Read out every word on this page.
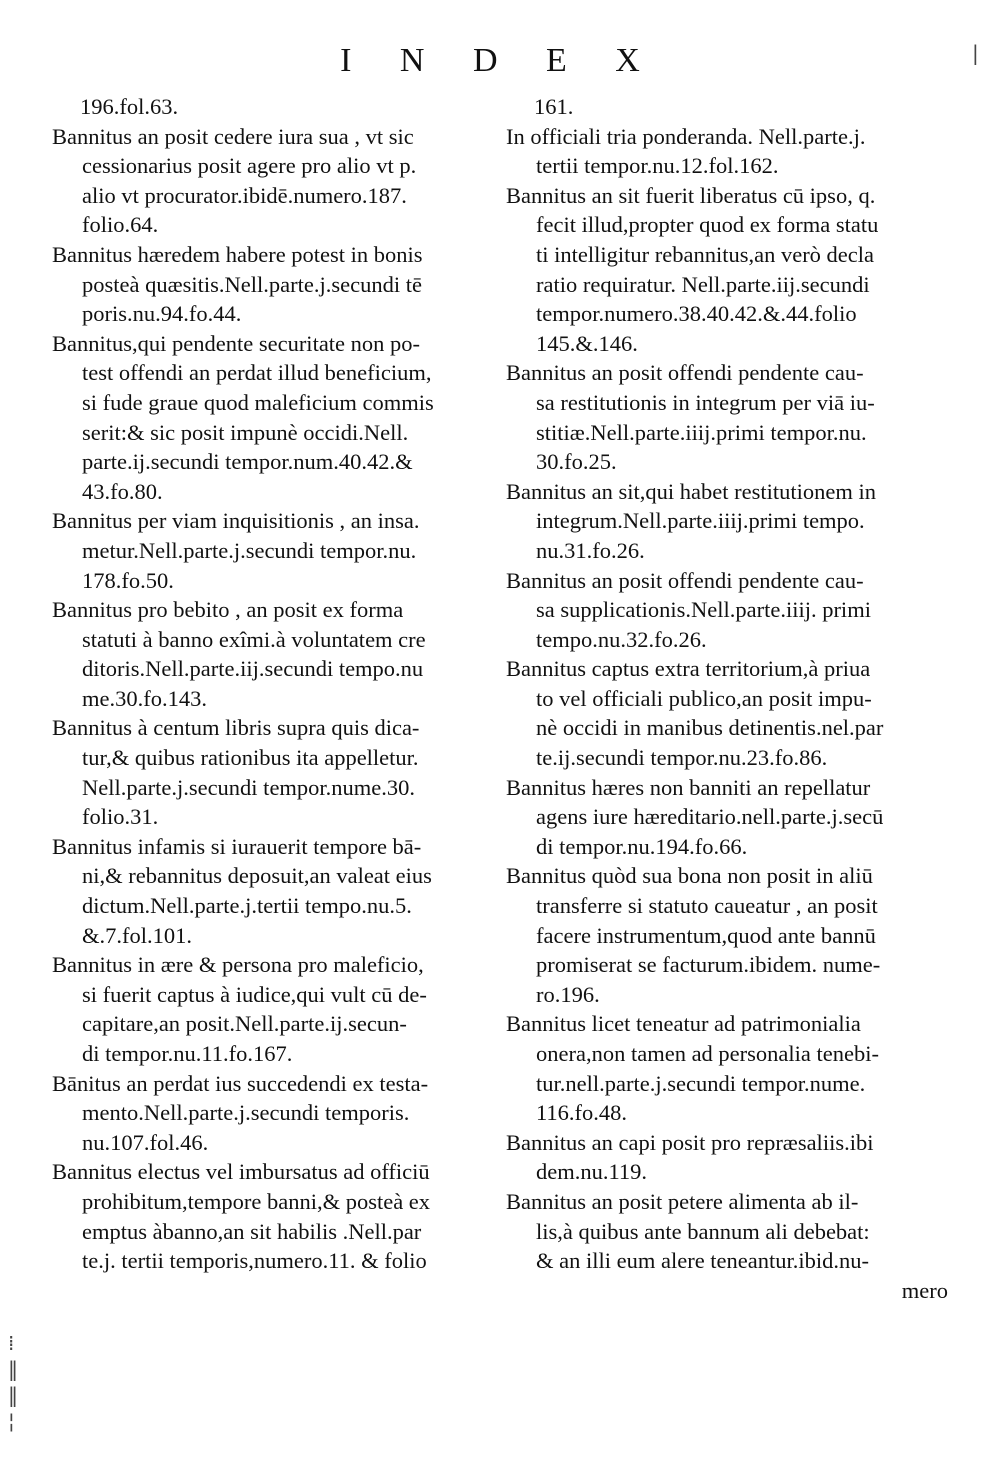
I N D E X
196.fol.63.
Bannitus an posit cedere iura sua , vt sic
cessionarius posit agere pro alio vt p.
alio vt procurator.ibidē.numero.187.
folio.64.
Bannitus hæredem habere potest in bonis
posteà quæsitis.Nell.parte.j.secundi tē
poris.nu.94.fo.44.
Bannitus,qui pendente securitate non po-
test offendi an perdat illud beneficium,
si fude graue quod maleficium commis
serit:& sic posit impunè occidi.Nell.
parte.ij.secundi tempor.num.40.42.&
43.fo.80.
Bannitus per viam inquisitionis , an insa.
metur.Nell.parte.j.secundi tempor.nu.
178.fo.50.
Bannitus pro bebito , an posit ex forma
statuti à banno exîmi.à voluntatem cre
ditoris.Nell.parte.iij.secundi tempo.nu
me.30.fo.143.
Bannitus à centum libris supra quis dica-
tur,& quibus rationibus ita appelletur.
Nell.parte.j.secundi tempor.nume.30.
folio.31.
Bannitus infamis si iurauerit tempore bā-
ni,& rebannitus deposuit,an valeat eius
dictum.Nell.parte.j.tertii tempo.nu.5.
&.7.fol.101.
Bannitus in ære & persona pro maleficio,
si fuerit captus à iudice,qui vult cū de-
capitare,an posit.Nell.parte.ij.secun-
di tempor.nu.11.fo.167.
Bānitus an perdat ius succedendi ex testa-
mento.Nell.parte.j.secundi temporis.
nu.107.fol.46.
Bannitus electus vel imbursatus ad officiū
prohibitum,tempore banni,& posteà ex
emptus àbanno,an sit habilis .Nell.par
te.j. tertii temporis,numero.11. & folio
161.
In officiali tria ponderanda. Nell.parte.j.
tertii tempor.nu.12.fol.162.
Bannitus an sit fuerit liberatus cū ipso, q.
fecit illud,propter quod ex forma statu
ti intelligitur rebannitus,an verò decla
ratio requiratur. Nell.parte.iij.secundi
tempor.numero.38.40.42.&.44.folio
145.&.146.
Bannitus an posit offendi pendente cau-
sa restitutionis in integrum per viā iu-
stitiæ.Nell.parte.iiij.primi tempor.nu.
30.fo.25.
Bannitus an sit,qui habet restitutionem in
integrum.Nell.parte.iiij.primi tempo.
nu.31.fo.26.
Bannitus an posit offendi pendente cau-
sa supplicationis.Nell.parte.iiij. primi
tempo.nu.32.fo.26.
Bannitus captus extra territorium,à priua
to vel officiali publico,an posit impu-
nè occidi in manibus detinentis.nel.par
te.ij.secundi tempor.nu.23.fo.86.
Bannitus hæres non banniti an repellatur
agens iure hæreditario.nell.parte.j.secū
di tempor.nu.194.fo.66.
Bannitus quòd sua bona non posit in aliū
transferre si statuto caueatur , an posit
facere instrumentum,quod ante bannū
promiserat se facturum.ibidem. nume-
ro.196.
Bannitus licet teneatur ad patrimonialia
onera,non tamen ad personalia tenebi-
tur.nell.parte.j.secundi tempor.nume.
116.fo.48.
Bannitus an capi posit pro repræsaliis.ibi
dem.nu.119.
Bannitus an posit petere alimenta ab il-
lis,à quibus ante bannum ali debebat:
& an illi eum alere teneantur.ibid.nu-
mero
|
⁞
‖
‖
¦
